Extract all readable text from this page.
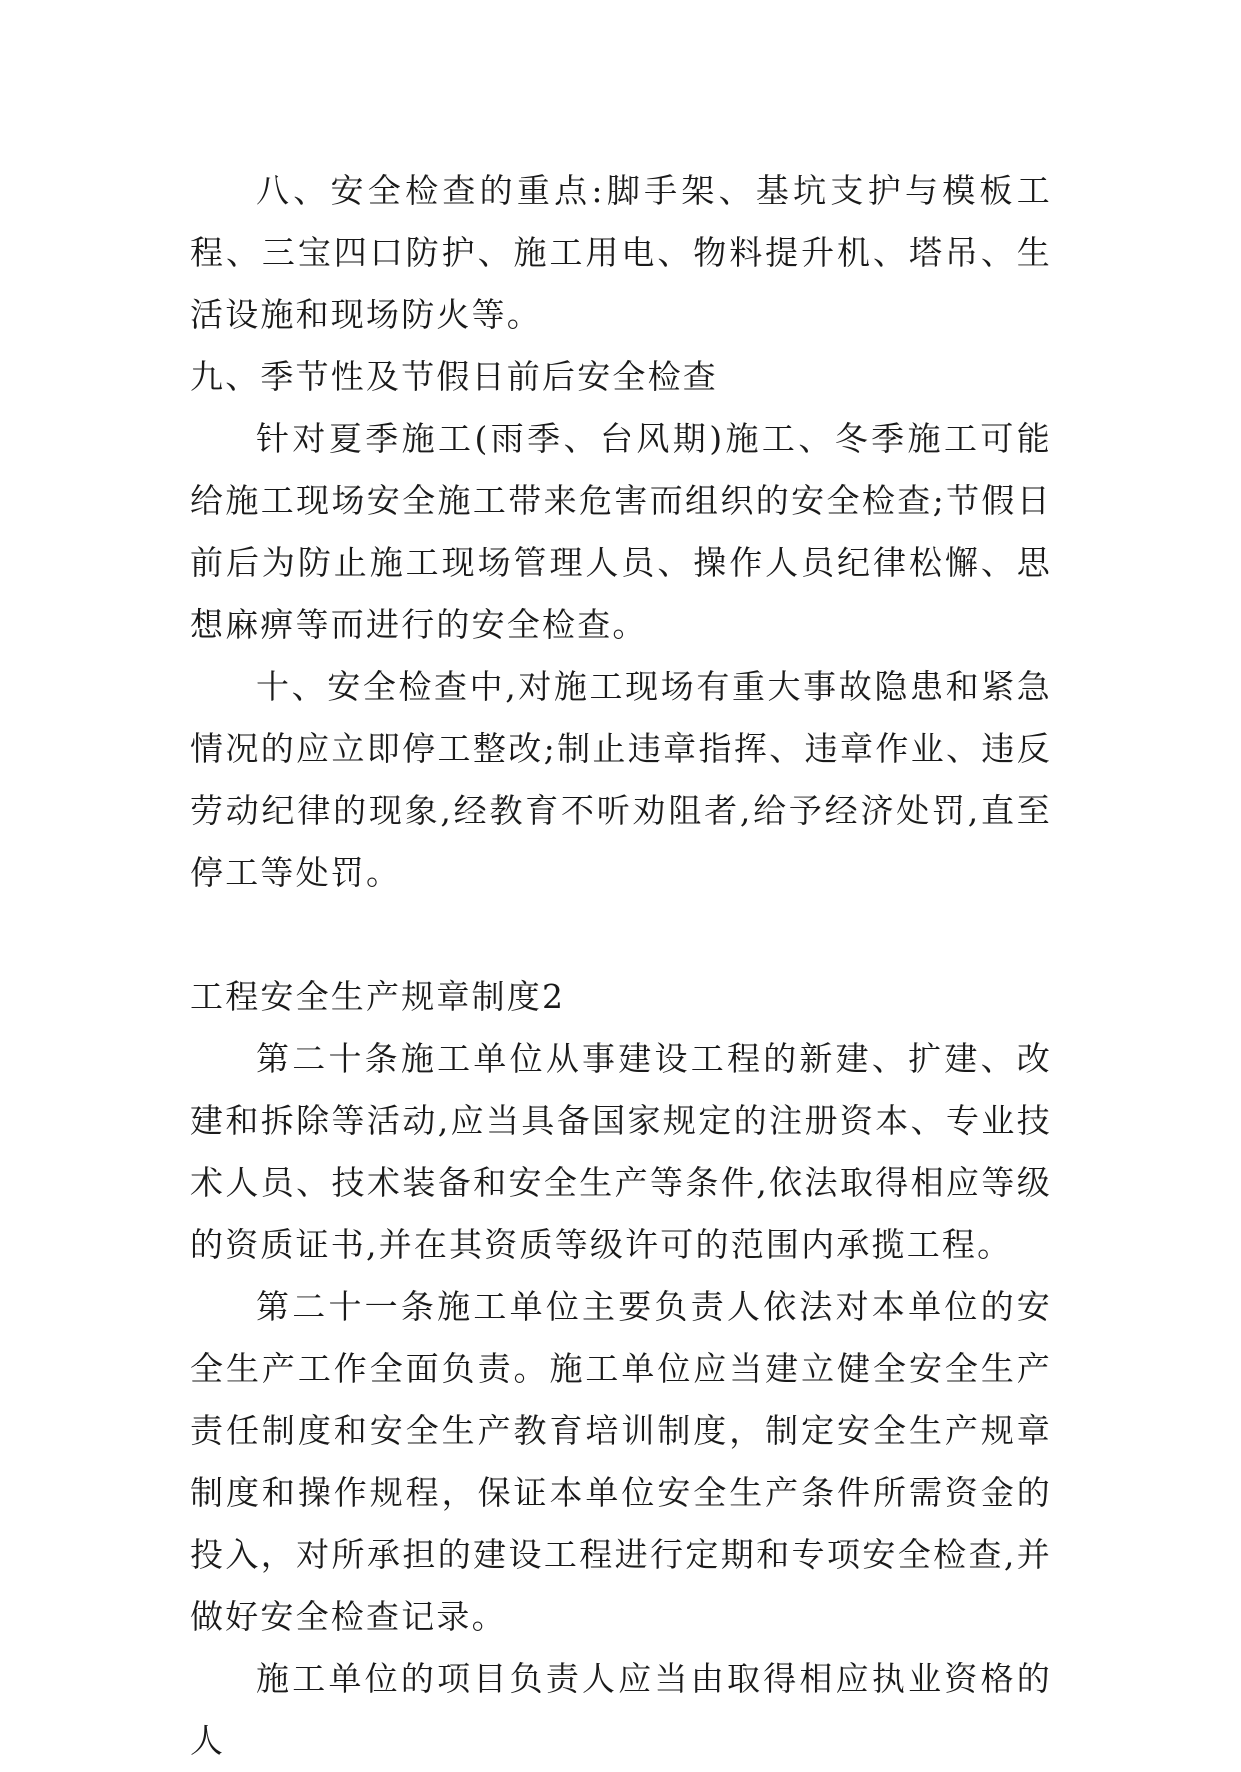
八、安全检查的重点:脚手架、基坑支护与模板工程、三宝四口防护、施工用电、物料提升机、塔吊、生活设施和现场防火等。

九、季节性及节假日前后安全检查

针对夏季施工(雨季、台风期)施工、冬季施工可能给施工现场安全施工带来危害而组织的安全检查;节假日前后为防止施工现场管理人员、操作人员纪律松懈、思想麻痹等而进行的安全检查。

十、安全检查中,对施工现场有重大事故隐患和紧急情况的应立即停工整改;制止违章指挥、违章作业、违反劳动纪律的现象,经教育不听劝阻者,给予经济处罚,直至停工等处罚。

工程安全生产规章制度2

第二十条施工单位从事建设工程的新建、扩建、改建和拆除等活动,应当具备国家规定的注册资本、专业技术人员、技术装备和安全生产等条件,依法取得相应等级的资质证书,并在其资质等级许可的范围内承揽工程。

第二十一条施工单位主要负责人依法对本单位的安全生产工作全面负责。施工单位应当建立健全安全生产责任制度和安全生产教育培训制度，制定安全生产规章制度和操作规程，保证本单位安全生产条件所需资金的投入，对所承担的建设工程进行定期和专项安全检查,并做好安全检查记录。

施工单位的项目负责人应当由取得相应执业资格的人
